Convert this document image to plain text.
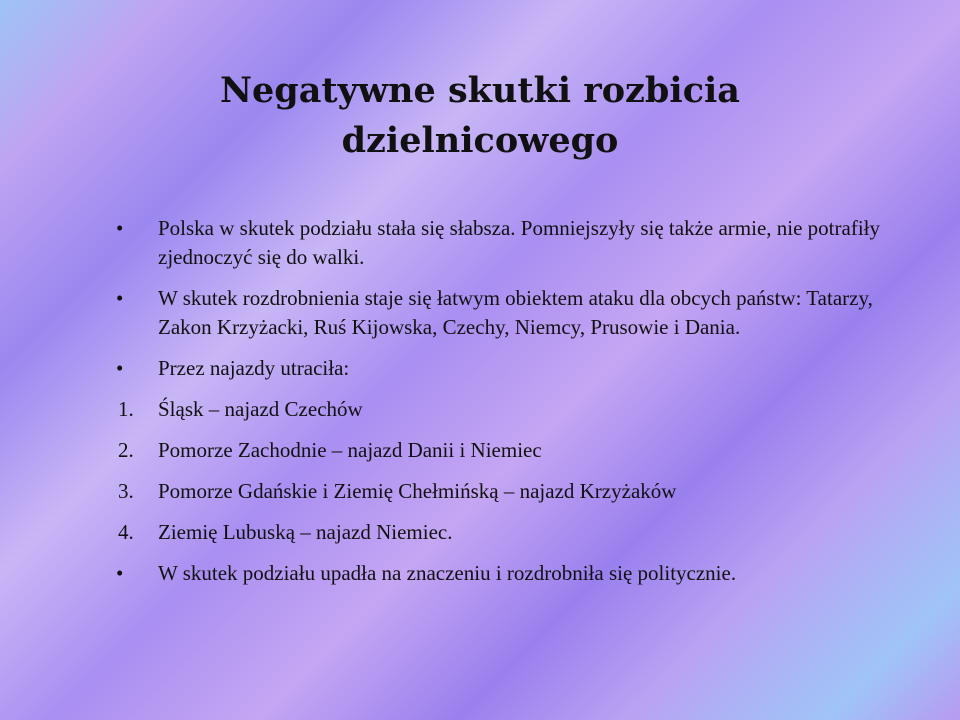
Negatywne skutki rozbicia dzielnicowego
• Polska w skutek podziału stała się słabsza. Pomniejszyły się także armie, nie potrafiły zjednoczyć się do walki.
• W skutek rozdrobnienia staje się łatwym obiektem ataku dla obcych państw: Tatarzy, Zakon Krzyżacki, Ruś Kijowska, Czechy, Niemcy, Prusowie i Dania.
• Przez najazdy utraciła:
1. Śląsk – najazd Czechów
2. Pomorze Zachodnie – najazd Danii i Niemiec
3. Pomorze Gdańskie i Ziemię Chełmińską – najazd Krzyżaków
4. Ziemię Lubuską – najazd Niemiec.
• W skutek podziału upadła na znaczeniu i rozdrobniła się politycznie.
